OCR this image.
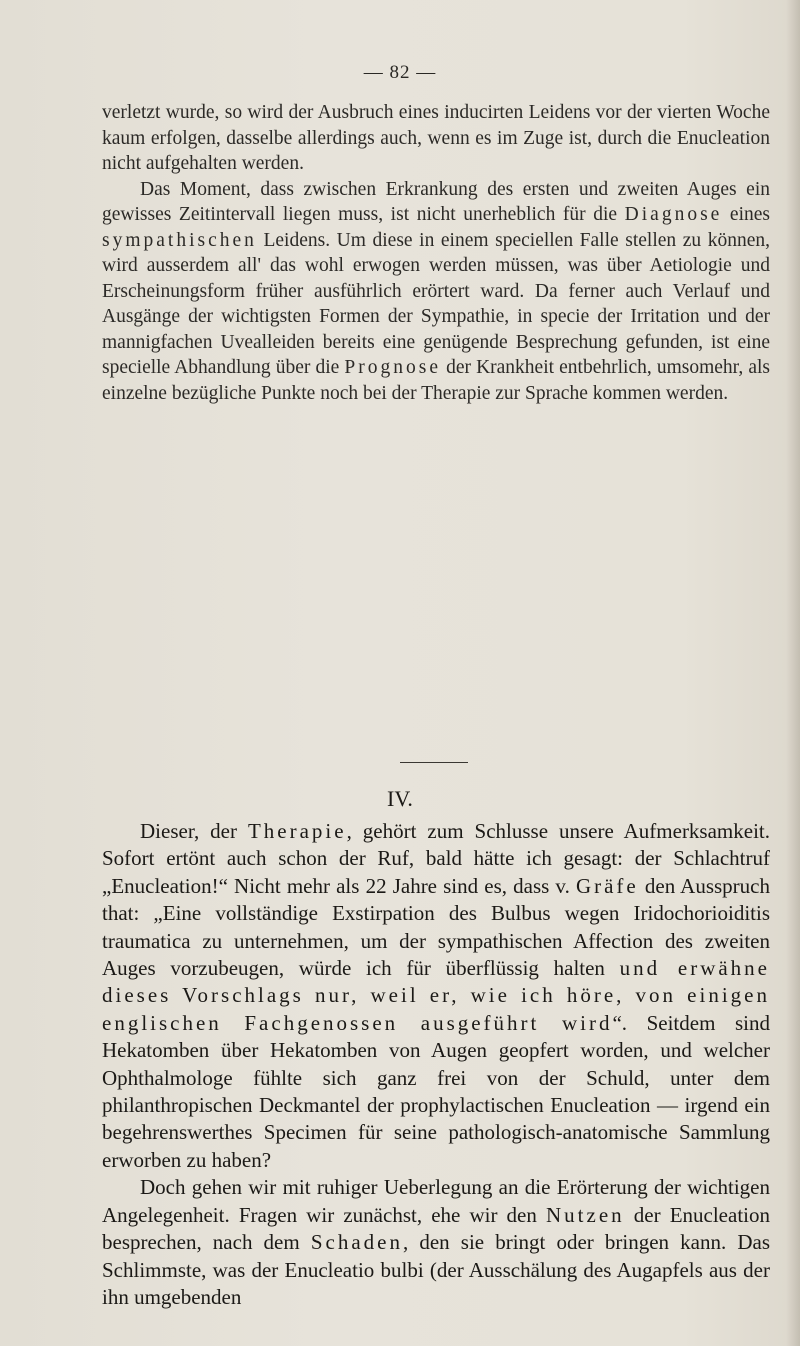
— 82 —

verletzt wurde, so wird der Ausbruch eines inducirten Leidens vor der vierten Woche kaum erfolgen, dasselbe allerdings auch, wenn es im Zuge ist, durch die Enucleation nicht aufgehalten werden.

Das Moment, dass zwischen Erkrankung des ersten und zweiten Auges ein gewisses Zeitintervall liegen muss, ist nicht unerheblich für die Diagnose eines sympathischen Leidens. Um diese in einem speciellen Falle stellen zu können, wird ausserdem all' das wohl erwogen werden müssen, was über Aetiologie und Erscheinungsform früher ausführlich erörtert ward. Da ferner auch Verlauf und Ausgänge der wichtigsten Formen der Sympathie, in specie der Irritation und der mannigfachen Uvealleiden bereits eine genügende Besprechung gefunden, ist eine specielle Abhandlung über die Prognose der Krankheit entbehrlich, umsomehr, als einzelne bezügliche Punkte noch bei der Therapie zur Sprache kommen werden.

IV.

Dieser, der Therapie, gehört zum Schlusse unsere Aufmerksamkeit. Sofort ertönt auch schon der Ruf, bald hätte ich gesagt: der Schlachtruf „Enucleation!“ Nicht mehr als 22 Jahre sind es, dass v. Gräfe den Ausspruch that: „Eine vollständige Exstirpation des Bulbus wegen Iridochorioiditis traumatica zu unternehmen, um der sympathischen Affection des zweiten Auges vorzubeugen, würde ich für überflüssig halten und erwähne dieses Vorschlags nur, weil er, wie ich höre, von einigen englischen Fachgenossen ausgeführt wird“. Seitdem sind Hekatomben über Hekatomben von Augen geopfert worden, und welcher Ophthalmologe fühlte sich ganz frei von der Schuld, unter dem philanthropischen Deckmantel der prophylactischen Enucleation — irgend ein begehrenswerthes Specimen für seine pathologisch-anatomische Sammlung erworben zu haben?

Doch gehen wir mit ruhiger Ueberlegung an die Erörterung der wichtigen Angelegenheit. Fragen wir zunächst, ehe wir den Nutzen der Enucleation besprechen, nach dem Schaden, den sie bringt oder bringen kann. Das Schlimmste, was der Enucleatio bulbi (der Ausschälung des Augapfels aus der ihn umgebenden
